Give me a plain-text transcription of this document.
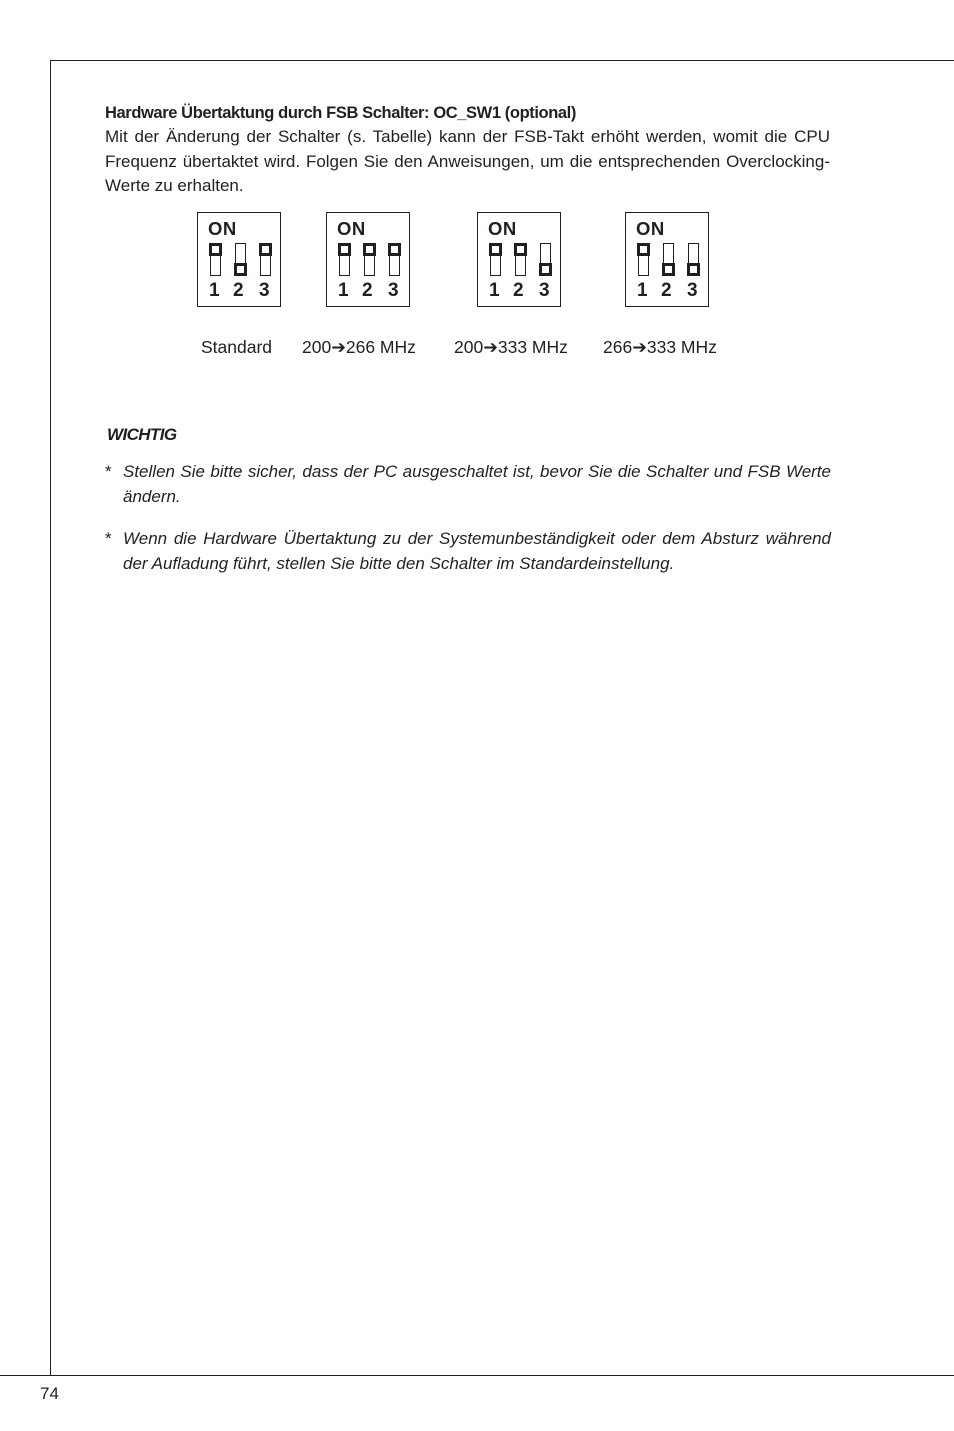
Hardware Übertaktung durch FSB Schalter: OC_SW1 (optional)

Mit der Änderung der Schalter (s. Tabelle) kann der FSB-Takt erhöht werden, womit die CPU Frequenz übertaktet wird. Folgen Sie den Anweisungen, um die entsprechenden Overclocking-Werte zu erhalten.

ON
1 2 3
ON
1 2 3
ON
1 2 3
ON
1 2 3
Standard 200➔266 MHz 200➔333 MHz 266➔333 MHz
WICHTIG
* Stellen Sie bitte sicher, dass der PC ausgeschaltet ist, bevor Sie die Schalter und FSB Werte ändern.
* Wenn die Hardware Übertaktung zu der Systemunbeständigkeit oder dem Absturz während der Aufladung führt, stellen Sie bitte den Schalter im Standardeinstellung.
74
